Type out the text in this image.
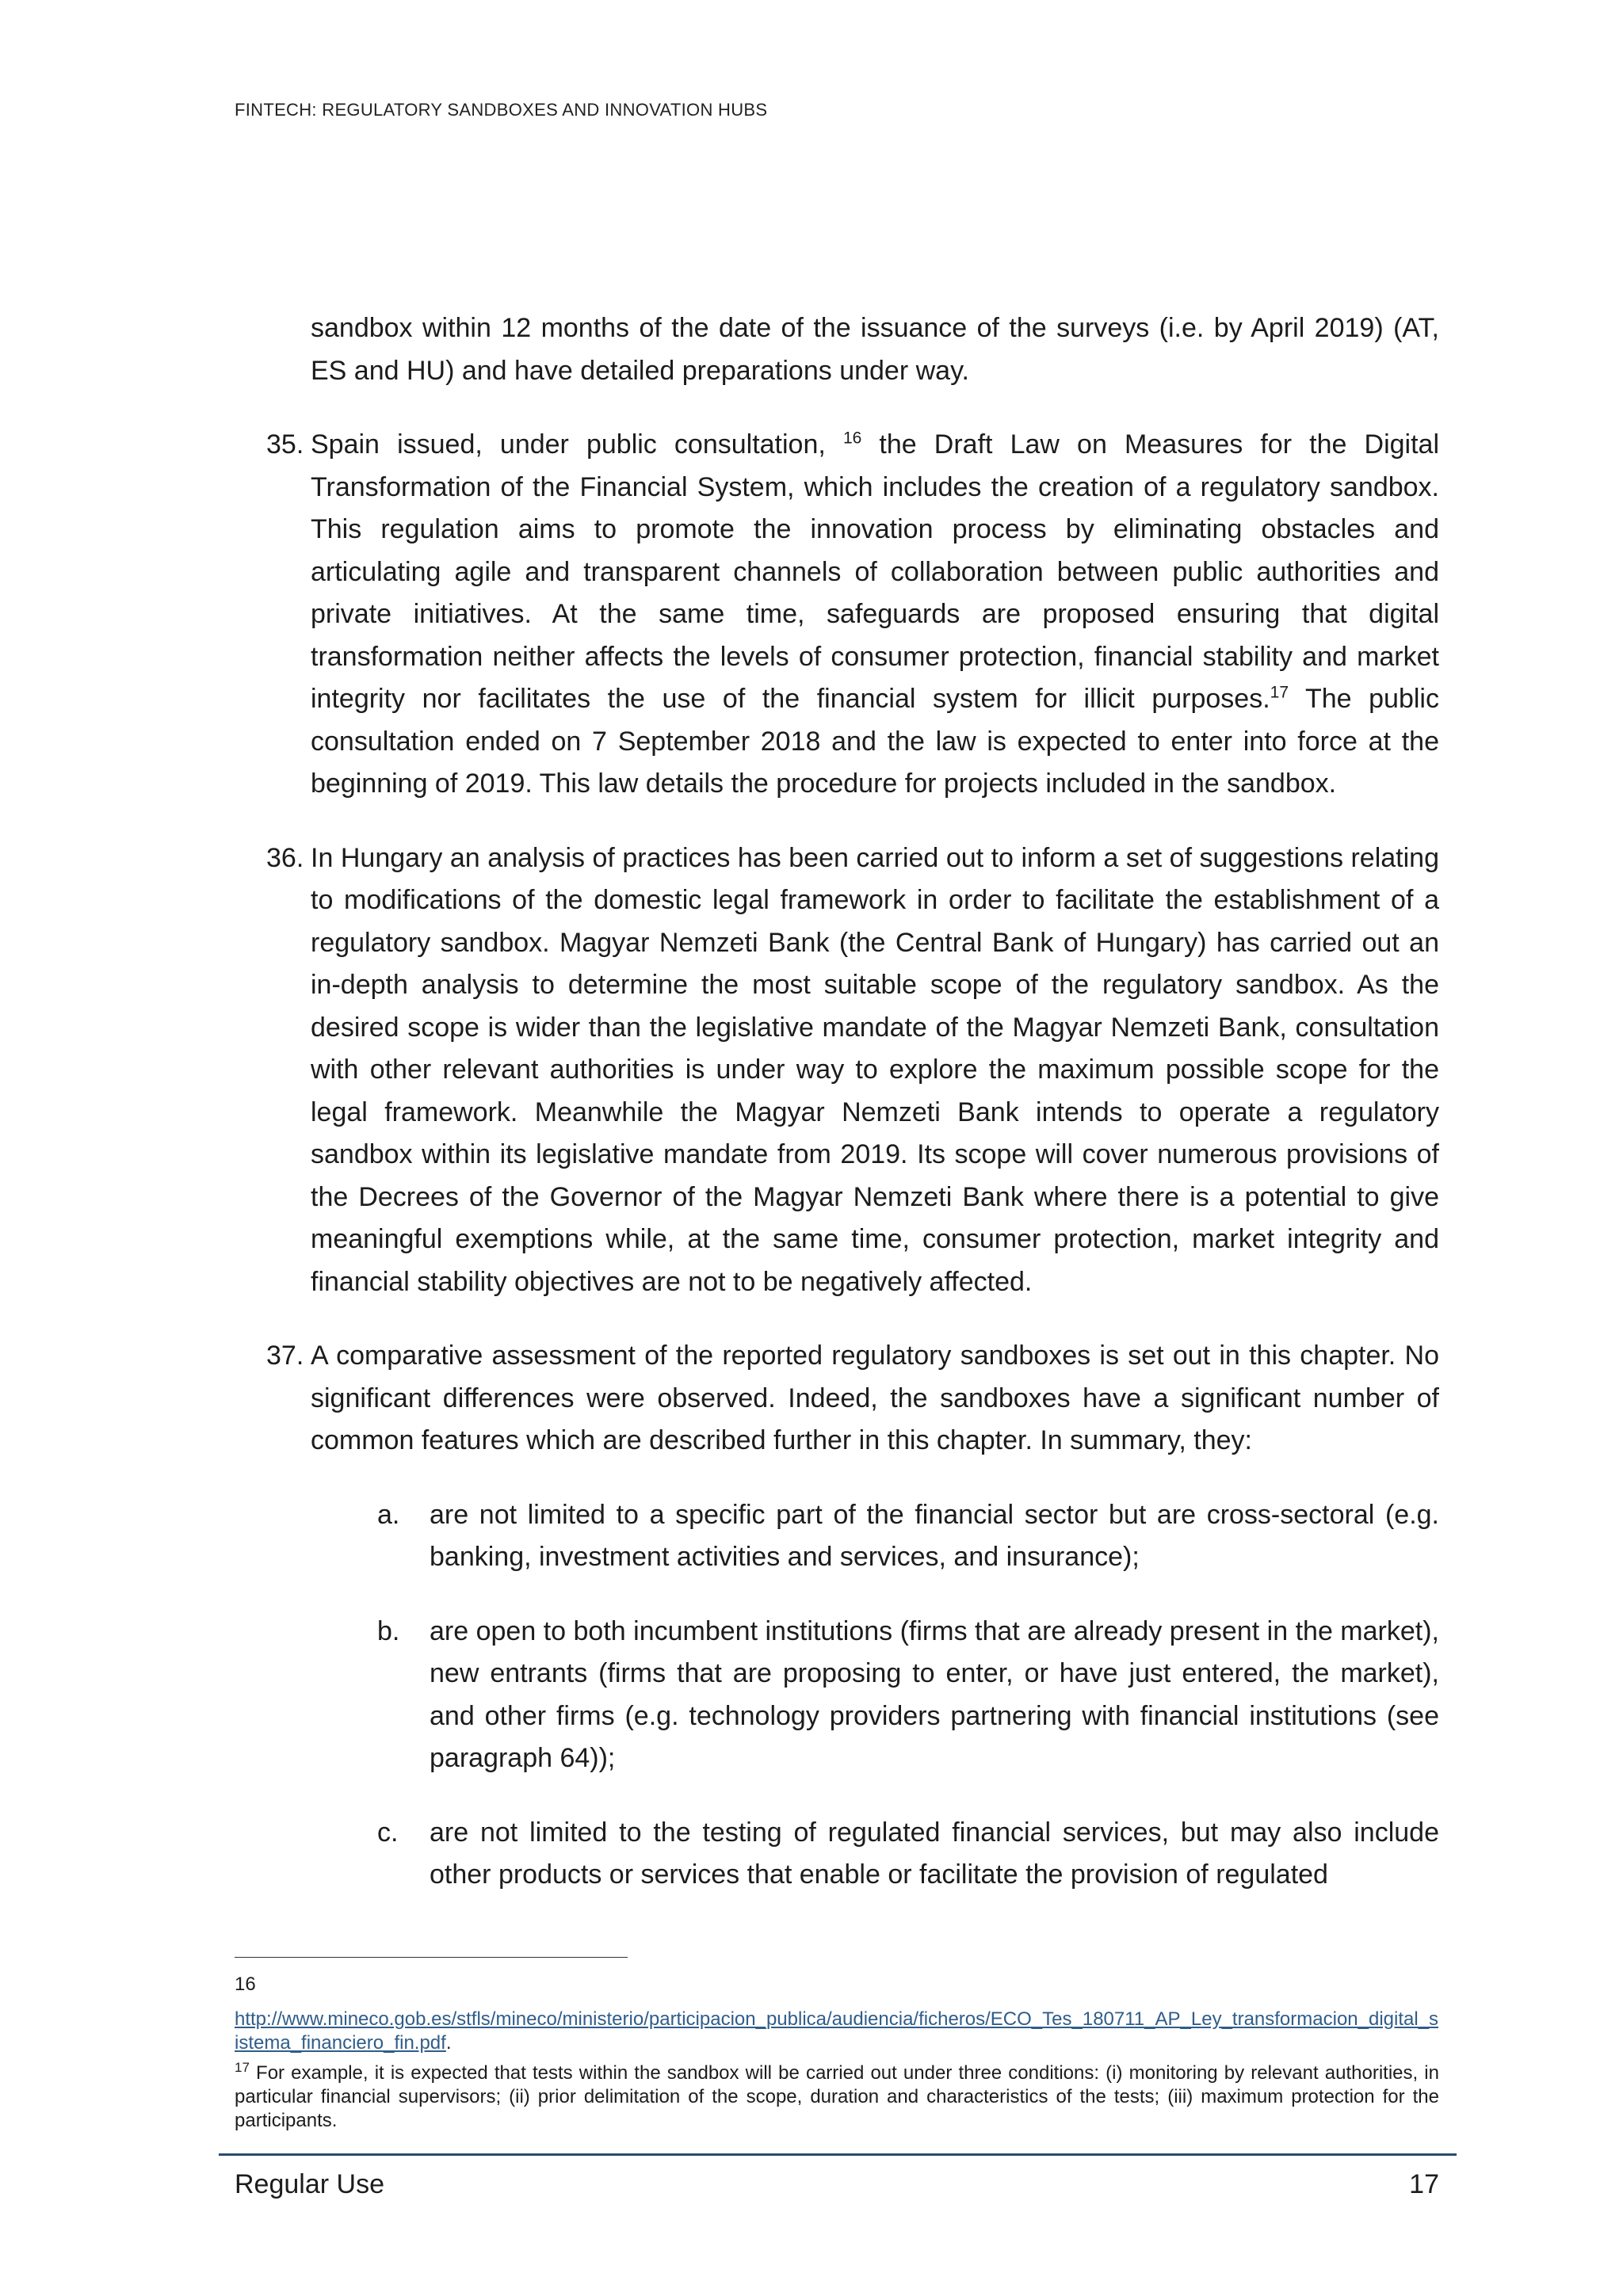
FINTECH: REGULATORY SANDBOXES AND INNOVATION HUBS

sandbox within 12 months of the date of the issuance of the surveys (i.e. by April 2019) (AT, ES and HU) and have detailed preparations under way.

35. Spain issued, under public consultation, $^{16}$ the Draft Law on Measures for the Digital Transformation of the Financial System, which includes the creation of a regulatory sandbox. This regulation aims to promote the innovation process by eliminating obstacles and articulating agile and transparent channels of collaboration between public authorities and private initiatives. At the same time, safeguards are proposed ensuring that digital transformation neither affects the levels of consumer protection, financial stability and market integrity nor facilitates the use of the financial system for illicit purposes.$^{17}$ The public consultation ended on 7 September 2018 and the law is expected to enter into force at the beginning of 2019. This law details the procedure for projects included in the sandbox.

36. In Hungary an analysis of practices has been carried out to inform a set of suggestions relating to modifications of the domestic legal framework in order to facilitate the establishment of a regulatory sandbox. Magyar Nemzeti Bank (the Central Bank of Hungary) has carried out an in-depth analysis to determine the most suitable scope of the regulatory sandbox. As the desired scope is wider than the legislative mandate of the Magyar Nemzeti Bank, consultation with other relevant authorities is under way to explore the maximum possible scope for the legal framework. Meanwhile the Magyar Nemzeti Bank intends to operate a regulatory sandbox within its legislative mandate from 2019. Its scope will cover numerous provisions of the Decrees of the Governor of the Magyar Nemzeti Bank where there is a potential to give meaningful exemptions while, at the same time, consumer protection, market integrity and financial stability objectives are not to be negatively affected.

37. A comparative assessment of the reported regulatory sandboxes is set out in this chapter. No significant differences were observed. Indeed, the sandboxes have a significant number of common features which are described further in this chapter. In summary, they:

a. are not limited to a specific part of the financial sector but are cross-sectoral (e.g. banking, investment activities and services, and insurance);

b. are open to both incumbent institutions (firms that are already present in the market), new entrants (firms that are proposing to enter, or have just entered, the market), and other firms (e.g. technology providers partnering with financial institutions (see paragraph 64));

c. are not limited to the testing of regulated financial services, but may also include other products or services that enable or facilitate the provision of regulated

16
http://www.mineco.gob.es/stfls/mineco/ministerio/participacion_publica/audiencia/ficheros/ECO_Tes_180711_AP_Ley_transformacion_digital_sistema_financiero_fin.pdf.
$^{17}$ For example, it is expected that tests within the sandbox will be carried out under three conditions: (i) monitoring by relevant authorities, in particular financial supervisors; (ii) prior delimitation of the scope, duration and characteristics of the tests; (iii) maximum protection for the participants.
Regular Use	17
